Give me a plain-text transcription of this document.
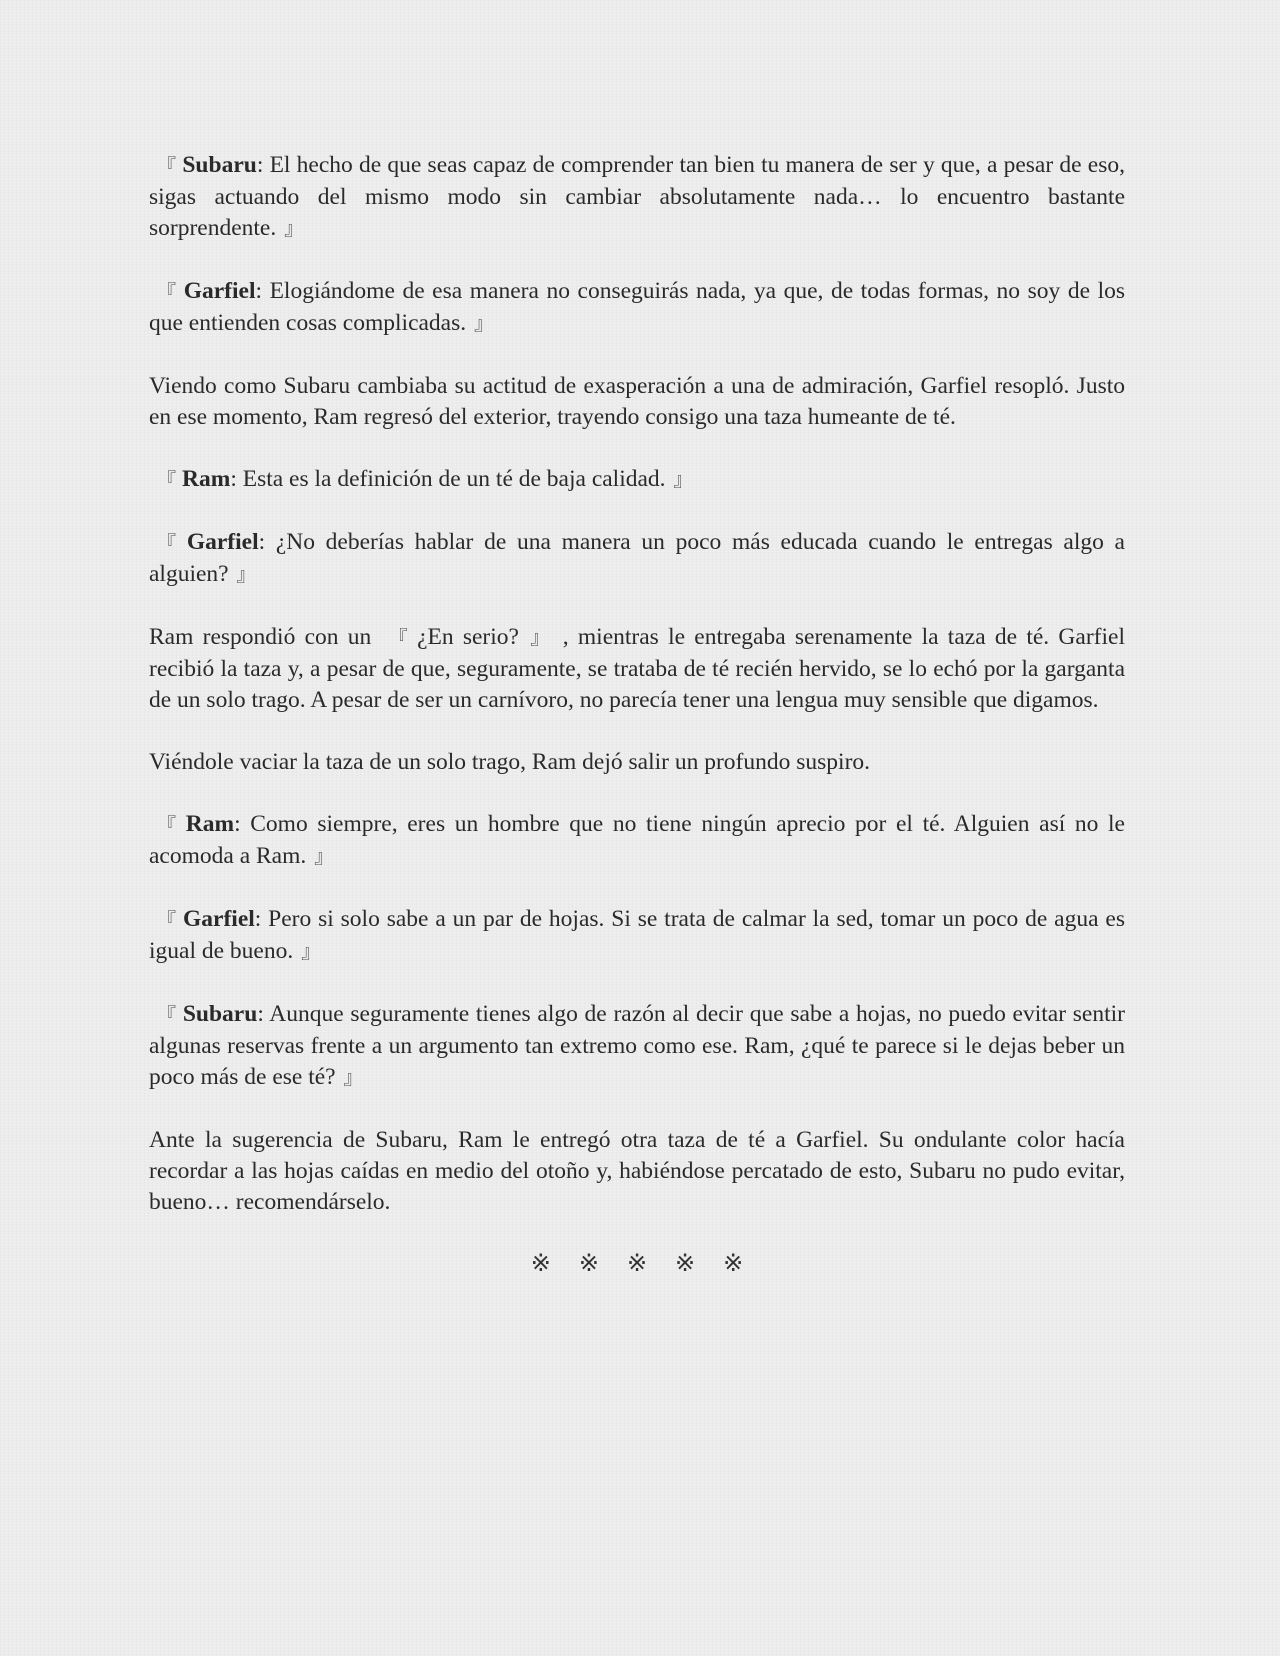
『 Subaru: El hecho de que seas capaz de comprender tan bien tu manera de ser y que, a pesar de eso, sigas actuando del mismo modo sin cambiar absolutamente nada… lo encuentro bastante sorprendente. 』

『 Garfiel: Elogiándome de esa manera no conseguirás nada, ya que, de todas formas, no soy de los que entienden cosas complicadas. 』

Viendo como Subaru cambiaba su actitud de exasperación a una de admiración, Garfiel resopló. Justo en ese momento, Ram regresó del exterior, trayendo consigo una taza humeante de té.

『 Ram: Esta es la definición de un té de baja calidad. 』

『 Garfiel: ¿No deberías hablar de una manera un poco más educada cuando le entregas algo a alguien? 』

Ram respondió con un 『 ¿En serio? 』 , mientras le entregaba serenamente la taza de té. Garfiel recibió la taza y, a pesar de que, seguramente, se trataba de té recién hervido, se lo echó por la garganta de un solo trago. A pesar de ser un carnívoro, no parecía tener una lengua muy sensible que digamos.

Viéndole vaciar la taza de un solo trago, Ram dejó salir un profundo suspiro.

『 Ram: Como siempre, eres un hombre que no tiene ningún aprecio por el té. Alguien así no le acomoda a Ram. 』

『 Garfiel: Pero si solo sabe a un par de hojas. Si se trata de calmar la sed, tomar un poco de agua es igual de bueno. 』

『 Subaru: Aunque seguramente tienes algo de razón al decir que sabe a hojas, no puedo evitar sentir algunas reservas frente a un argumento tan extremo como ese. Ram, ¿qué te parece si le dejas beber un poco más de ese té? 』

Ante la sugerencia de Subaru, Ram le entregó otra taza de té a Garfiel. Su ondulante color hacía recordar a las hojas caídas en medio del otoño y, habiéndose percatado de esto, Subaru no pudo evitar, bueno… recomendárselo.

※ ※ ※ ※ ※
